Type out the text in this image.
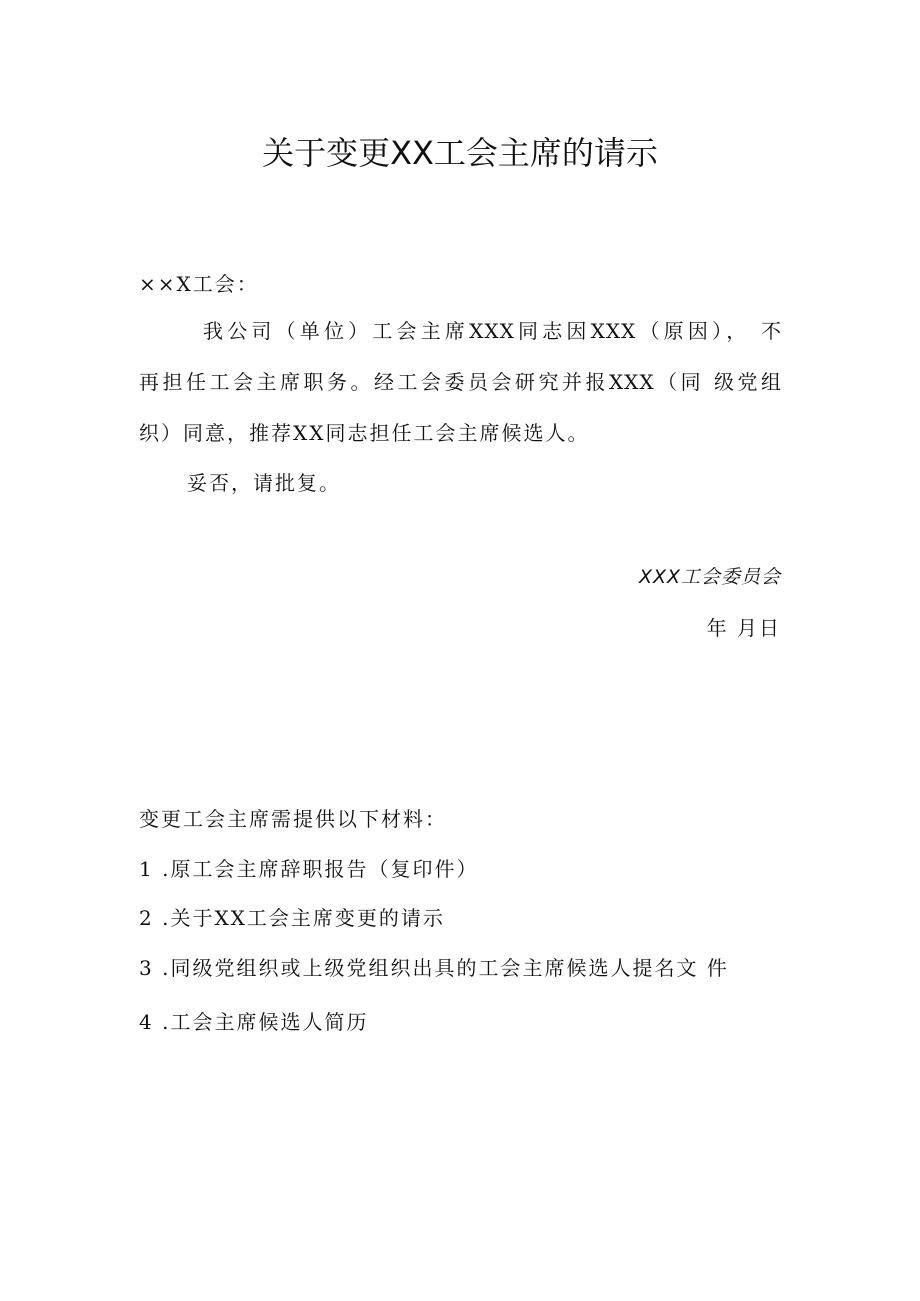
关于变更XX工会主席的请示
××X工会：
我公司（单位）工会主席XXX同志因XXX（原因）， 不
再担任工会主席职务。经工会委员会研究并报XXX（同 级党组
织）同意，推荐XX同志担任工会主席候选人。
妥否，请批复。
XXX工会委员会
年 月日
变更工会主席需提供以下材料：
1 .原工会主席辞职报告（复印件）
2 .关于XX工会主席变更的请示
3 .同级党组织或上级党组织出具的工会主席候选人提名文 件
4 .工会主席候选人简历
